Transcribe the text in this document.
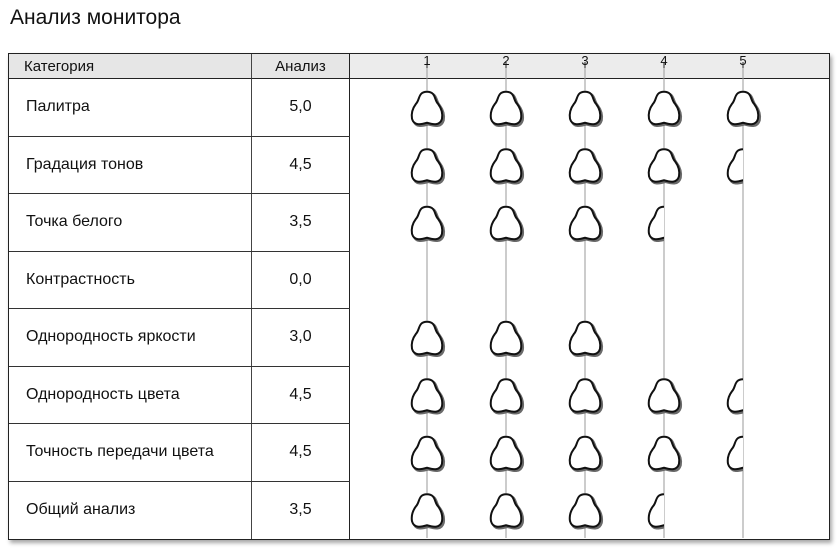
Анализ монитора
Категория	Анализ
Палитра	5,0
Градация тонов	4,5
Точка белого	3,5
Контрастность	0,0
Однородность яркости	3,0
Однородность цвета	4,5
Точность передачи цвета	4,5
Общий анализ	3,5
1	2	3	4	5
